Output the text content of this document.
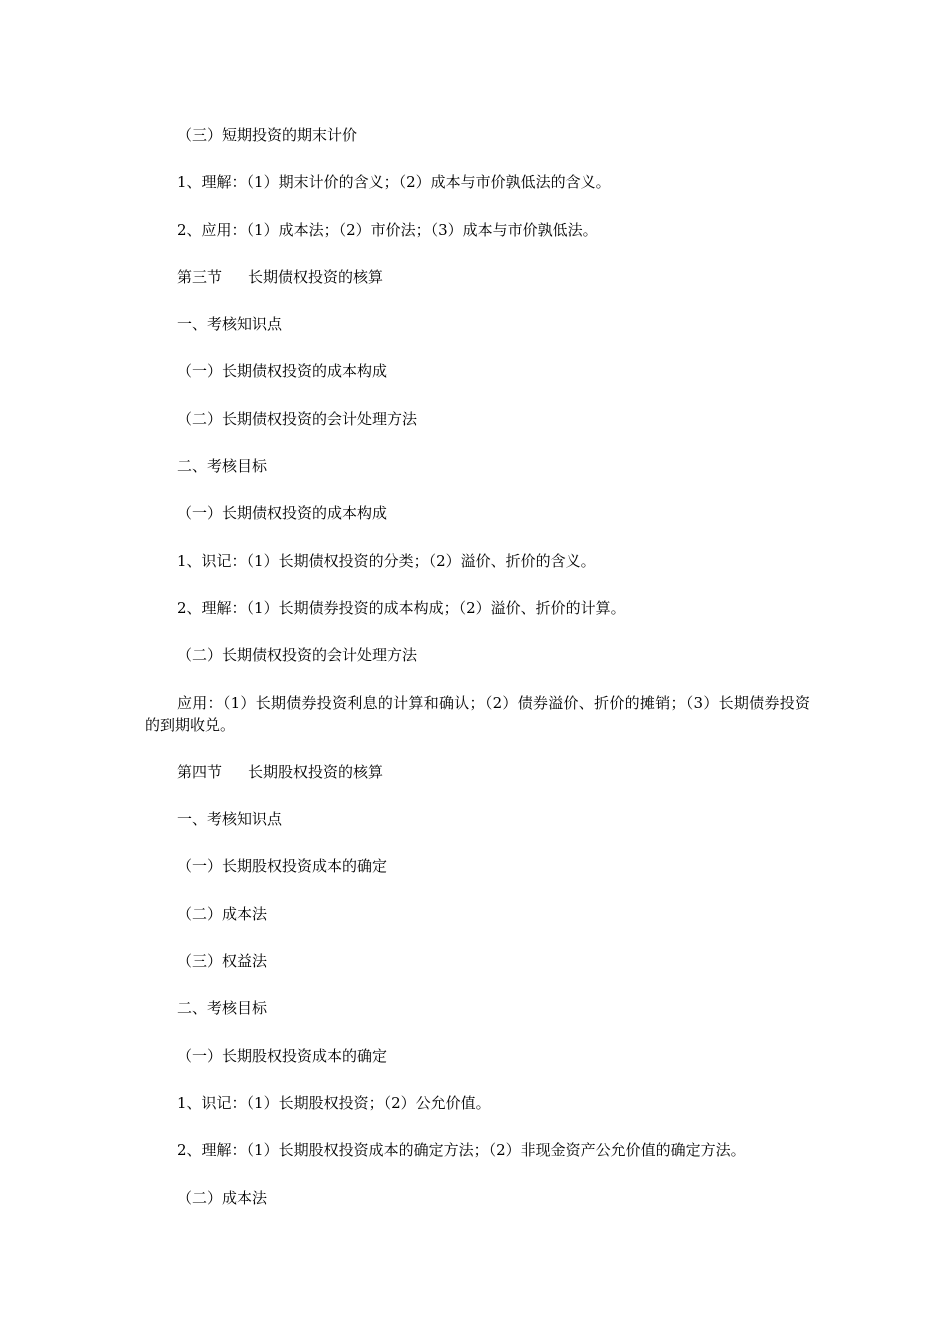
（三）短期投资的期末计价

1、理解：（1）期末计价的含义；（2）成本与市价孰低法的含义。

2、应用：（1）成本法；（2）市价法；（3）成本与市价孰低法。

第三节 长期债权投资的核算

一、考核知识点

（一）长期债权投资的成本构成

（二）长期债权投资的会计处理方法

二、考核目标

（一）长期债权投资的成本构成

1、识记：（1）长期债权投资的分类；（2）溢价、折价的含义。

2、理解：（1）长期债券投资的成本构成；（2）溢价、折价的计算。

（二）长期债权投资的会计处理方法

应用：（1）长期债券投资利息的计算和确认；（2）债券溢价、折价的摊销；（3）长期债券投资的到期收兑。

第四节 长期股权投资的核算

一、考核知识点

（一）长期股权投资成本的确定

（二）成本法

（三）权益法

二、考核目标

（一）长期股权投资成本的确定

1、识记：（1）长期股权投资；（2）公允价值。

2、理解：（1）长期股权投资成本的确定方法；（2）非现金资产公允价值的确定方法。

（二）成本法
